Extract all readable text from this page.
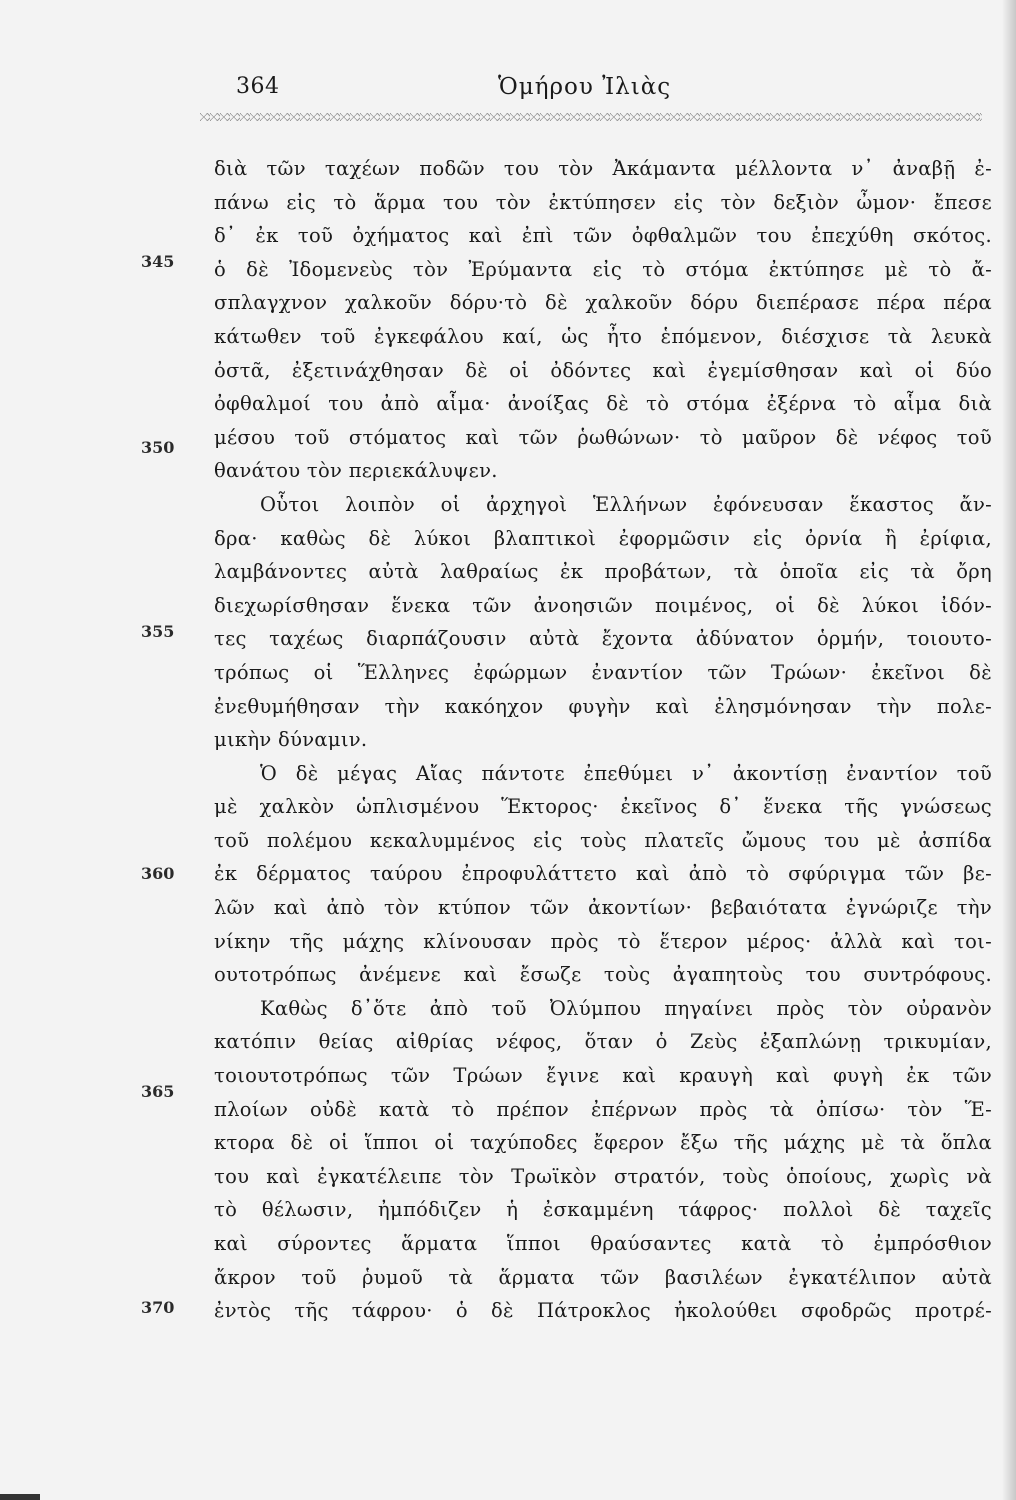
364	Ὁμήρου Ἰλιὰς
345
350
355
360
365
370
διὰ τῶν ταχέων ποδῶν του τὸν Ἀκάμαντα μέλλοντα ν᾽ ἀναβῇ ἐ-
πάνω εἰς τὸ ἅρμα του τὸν ἐκτύπησεν εἰς τὸν δεξιὸν ὦμον· ἔπεσε
δ᾽ ἐκ τοῦ ὀχήματος καὶ ἐπὶ τῶν ὀφθαλμῶν του ἐπεχύθη σκότος.
ὁ δὲ Ἰδομενεὺς τὸν Ἐρύμαντα εἰς τὸ στόμα ἐκτύπησε μὲ τὸ ἄ-
σπλαγχνον χαλκοῦν δόρυ·τὸ δὲ χαλκοῦν δόρυ διεπέρασε πέρα πέρα
κάτωθεν τοῦ ἐγκεφάλου καί, ὡς ἦτο ἑπόμενον, διέσχισε τὰ λευκὰ
ὀστᾶ, ἐξετινάχθησαν δὲ οἱ ὀδόντες καὶ ἐγεμίσθησαν καὶ οἱ δύο
ὀφθαλμοί του ἀπὸ αἷμα· ἀνοίξας δὲ τὸ στόμα ἐξέρνα τὸ αἷμα διὰ
μέσου τοῦ στόματος καὶ τῶν ῥωθώνων· τὸ μαῦρον δὲ νέφος τοῦ
θανάτου τὸν περιεκάλυψεν.
Οὗτοι λοιπὸν οἱ ἀρχηγοὶ Ἑλλήνων ἐφόνευσαν ἕκαστος ἄν-
δρα· καθὼς δὲ λύκοι βλαπτικοὶ ἐφορμῶσιν εἰς ὀρνία ἢ ἐρίφια,
λαμβάνοντες αὐτὰ λαθραίως ἐκ προβάτων, τὰ ὁποῖα εἰς τὰ ὄρη
διεχωρίσθησαν ἕνεκα τῶν ἀνοησιῶν ποιμένος, οἱ δὲ λύκοι ἰδόν-
τες ταχέως διαρπάζουσιν αὐτὰ ἔχοντα ἀδύνατον ὁρμήν, τοιουτο-
τρόπως οἱ Ἕλληνες ἐφώρμων ἐναντίον τῶν Τρώων· ἐκεῖνοι δὲ
ἐνεθυμήθησαν τὴν κακόηχον φυγὴν καὶ ἐλησμόνησαν τὴν πολε-
μικὴν δύναμιν.
Ὁ δὲ μέγας Αἴας πάντοτε ἐπεθύμει ν᾽ ἀκοντίσῃ ἐναντίον τοῦ
μὲ χαλκὸν ὡπλισμένου Ἕκτορος· ἐκεῖνος δ᾽ ἕνεκα τῆς γνώσεως
τοῦ πολέμου κεκαλυμμένος εἰς τοὺς πλατεῖς ὤμους του μὲ ἀσπίδα
ἐκ δέρματος ταύρου ἐπροφυλάττετο καὶ ἀπὸ τὸ σφύριγμα τῶν βε-
λῶν καὶ ἀπὸ τὸν κτύπον τῶν ἀκοντίων· βεβαιότατα ἐγνώριζε τὴν
νίκην τῆς μάχης κλίνουσαν πρὸς τὸ ἕτερον μέρος· ἀλλὰ καὶ τοι-
ουτοτρόπως ἀνέμενε καὶ ἔσωζε τοὺς ἀγαπητοὺς του συντρόφους.
Καθὼς δ᾽ὅτε ἀπὸ τοῦ Ὀλύμπου πηγαίνει πρὸς τὸν οὐρανὸν
κατόπιν θείας αἰθρίας νέφος, ὅταν ὁ Ζεὺς ἐξαπλώνῃ τρικυμίαν,
τοιουτοτρόπως τῶν Τρώων ἔγινε καὶ κραυγὴ καὶ φυγὴ ἐκ τῶν
πλοίων οὐδὲ κατὰ τὸ πρέπον ἐπέρνων πρὸς τὰ ὀπίσω· τὸν Ἕ-
κτορα δὲ οἱ ἵπποι οἱ ταχύποδες ἔφερον ἔξω τῆς μάχης μὲ τὰ ὅπλα
του καὶ ἐγκατέλειπε τὸν Τρωϊκὸν στρατόν, τοὺς ὁποίους, χωρὶς νὰ
τὸ θέλωσιν, ἠμπόδιζεν ἡ ἐσκαμμένη τάφρος· πολλοὶ δὲ ταχεῖς
καὶ σύροντες ἅρματα ἵπποι θραύσαντες κατὰ τὸ ἐμπρόσθιον
ἄκρον τοῦ ῥυμοῦ τὰ ἅρματα τῶν βασιλέων ἐγκατέλιπον αὐτὰ
ἐντὸς τῆς τάφρου· ὁ δὲ Πάτροκλος ἠκολούθει σφοδρῶς προτρέ-
